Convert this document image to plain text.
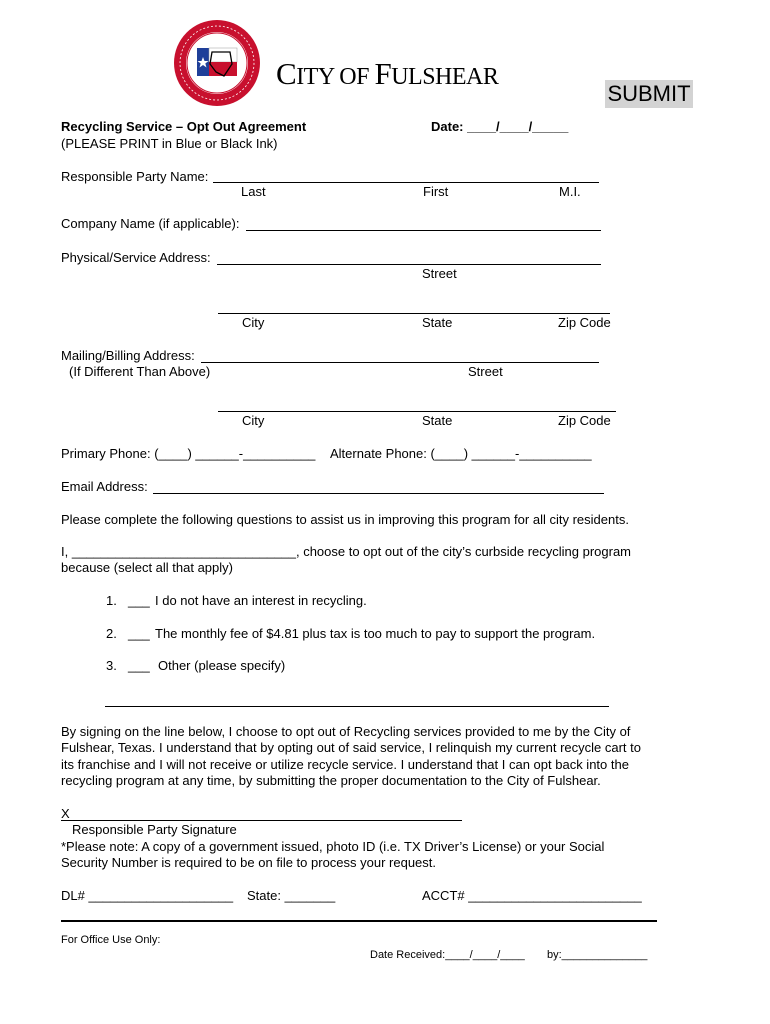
CITY OF FULSHEAR
SUBMIT
Recycling Service – Opt Out Agreement	Date: ____/____/_____
(PLEASE PRINT in Blue or Black Ink)
Responsible Party Name:
Last	First	M.I.
Company Name (if applicable):
Physical/Service Address:
Street
City	State	Zip Code
Mailing/Billing Address:
(If Different Than Above)	Street
City	State	Zip Code
Primary Phone: (____) ______-__________ Alternate Phone: (____) ______-__________
Email Address:
Please complete the following questions to assist us in improving this program for all city residents.
I, _______________________________, choose to opt out of the city’s curbside recycling program
because (select all that apply)
1. ___ I do not have an interest in recycling.
2. ___ The monthly fee of $4.81 plus tax is too much to pay to support the program.
3. ___ Other (please specify)
By signing on the line below, I choose to opt out of Recycling services provided to me by the City of
Fulshear, Texas. I understand that by opting out of said service, I relinquish my current recycle cart to
its franchise and I will not receive or utilize recycle service. I understand that I can opt back into the
recycling program at any time, by submitting the proper documentation to the City of Fulshear.
X
Responsible Party Signature
*Please note: A copy of a government issued, photo ID (i.e. TX Driver’s License) or your Social
Security Number is required to be on file to process your request.
DL# ____________________ State: _______	ACCT# ________________________
For Office Use Only:
Date Received:____/____/____ by:______________
